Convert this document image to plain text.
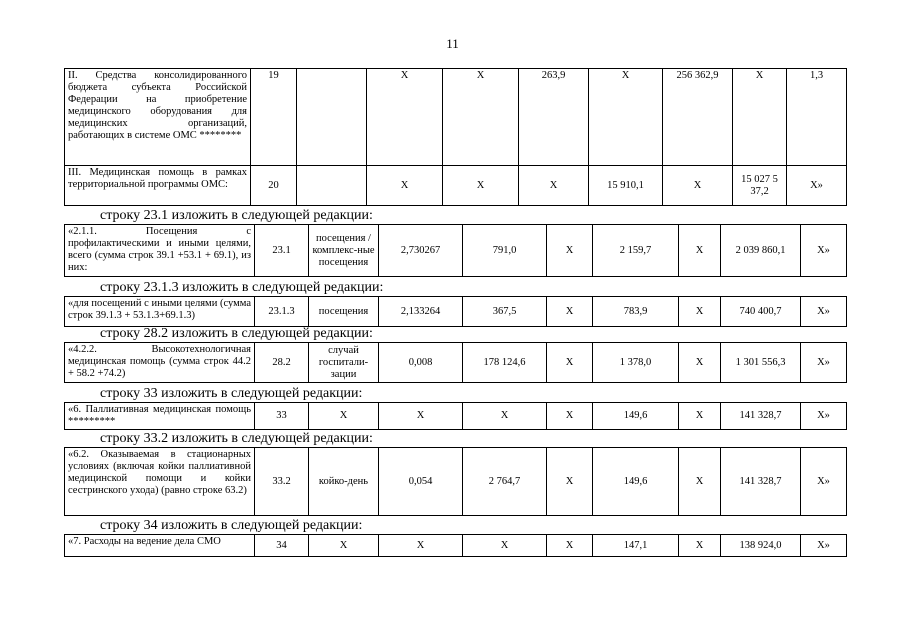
11
II. Средства консолидированного бюджета субъекта Российской Федерации на приобретение медицинского оборудования для медицинских организаций, работающих в системе ОМС ********	19		Х	Х	263,9	Х	256 362,9	Х	1,3
III. Медицинская помощь в рамках территориальной программы ОМС:	20		Х	Х	Х	15 910,1	Х	15 027 5 37,2	Х»
строку 23.1 изложить в следующей редакции:
«2.1.1. Посещения с профилактическими и иными целями, всего (сумма строк 39.1 +53.1 + 69.1), из них:	23.1	посещения / комплекс-ные посещения	2,730267	791,0	Х	2 159,7	Х	2 039 860,1	Х»
строку 23.1.3 изложить в следующей редакции:
«для посещений с иными целями (сумма строк 39.1.3 + 53.1.3+69.1.3)	23.1.3	посещения	2,133264	367,5	Х	783,9	Х	740 400,7	Х»
строку 28.2 изложить в следующей редакции:
«4.2.2. Высокотехнологичная медицинская помощь (сумма строк 44.2 + 58.2 +74.2)	28.2	случай госпитали-зации	0,008	178 124,6	Х	1 378,0	Х	1 301 556,3	Х»
строку 33 изложить в следующей редакции:
«6. Паллиативная медицинская помощь *********	33	Х	Х	Х	Х	149,6	Х	141 328,7	Х»
строку 33.2 изложить в следующей редакции:
«6.2. Оказываемая в стационарных условиях (включая койки паллиативной медицинской помощи и койки сестринского ухода) (равно строке 63.2)	33.2	койко-день	0,054	2 764,7	Х	149,6	Х	141 328,7	Х»
строку 34 изложить в следующей редакции:
«7. Расходы на ведение дела СМО	34	Х	Х	Х	Х	147,1	Х	138 924,0	Х»
